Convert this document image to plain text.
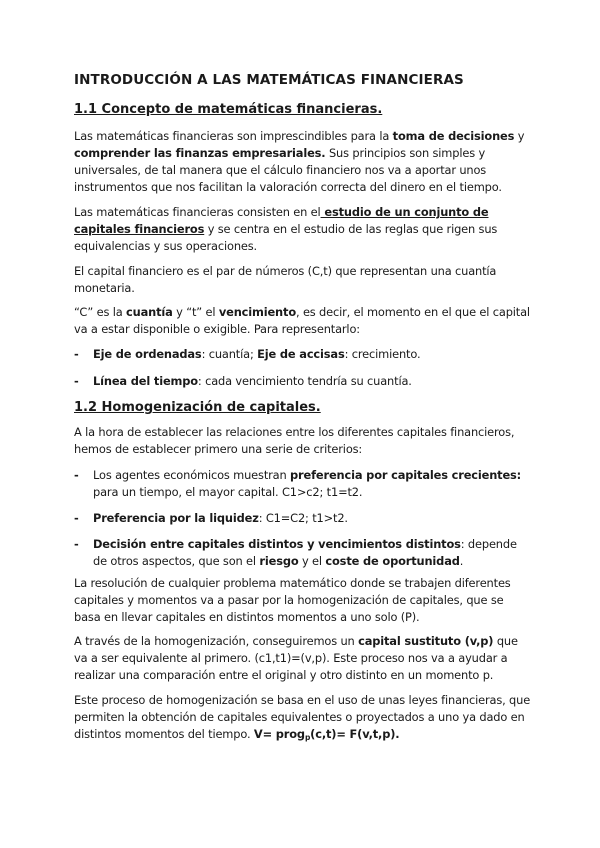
INTRODUCCIÓN A LAS MATEMÁTICAS FINANCIERAS
1.1 Concepto de matemáticas financieras.

Las matemáticas financieras son imprescindibles para la toma de decisiones y comprender las finanzas empresariales. Sus principios son simples y universales, de tal manera que el cálculo financiero nos va a aportar unos instrumentos que nos facilitan la valoración correcta del dinero en el tiempo.

Las matemáticas financieras consisten en el estudio de un conjunto de capitales financieros y se centra en el estudio de las reglas que rigen sus equivalencias y sus operaciones.

El capital financiero es el par de números (C,t) que representan una cuantía monetaria.

“C” es la cuantía y “t” el vencimiento, es decir, el momento en el que el capital va a estar disponible o exigible. Para representarlo:

- Eje de ordenadas: cuantía; Eje de accisas: crecimiento.
- Línea del tiempo: cada vencimiento tendría su cuantía.
1.2 Homogenización de capitales.

A la hora de establecer las relaciones entre los diferentes capitales financieros, hemos de establecer primero una serie de criterios:

- Los agentes económicos muestran preferencia por capitales crecientes: para un tiempo, el mayor capital. C1>c2; t1=t2.
- Preferencia por la liquidez: C1=C2; t1>t2.
- Decisión entre capitales distintos y vencimientos distintos: depende de otros aspectos, que son el riesgo y el coste de oportunidad.

La resolución de cualquier problema matemático donde se trabajen diferentes capitales y momentos va a pasar por la homogenización de capitales, que se basa en llevar capitales en distintos momentos a uno solo (P).

A través de la homogenización, conseguiremos un capital sustituto (v,p) que va a ser equivalente al primero. (c1,t1)=(v,p). Este proceso nos va a ayudar a realizar una comparación entre el original y otro distinto en un momento p.

Este proceso de homogenización se basa en el uso de unas leyes financieras, que permiten la obtención de capitales equivalentes o proyectados a uno ya dado en distintos momentos del tiempo. V= prog$_p$(c,t)= F(v,t,p).
